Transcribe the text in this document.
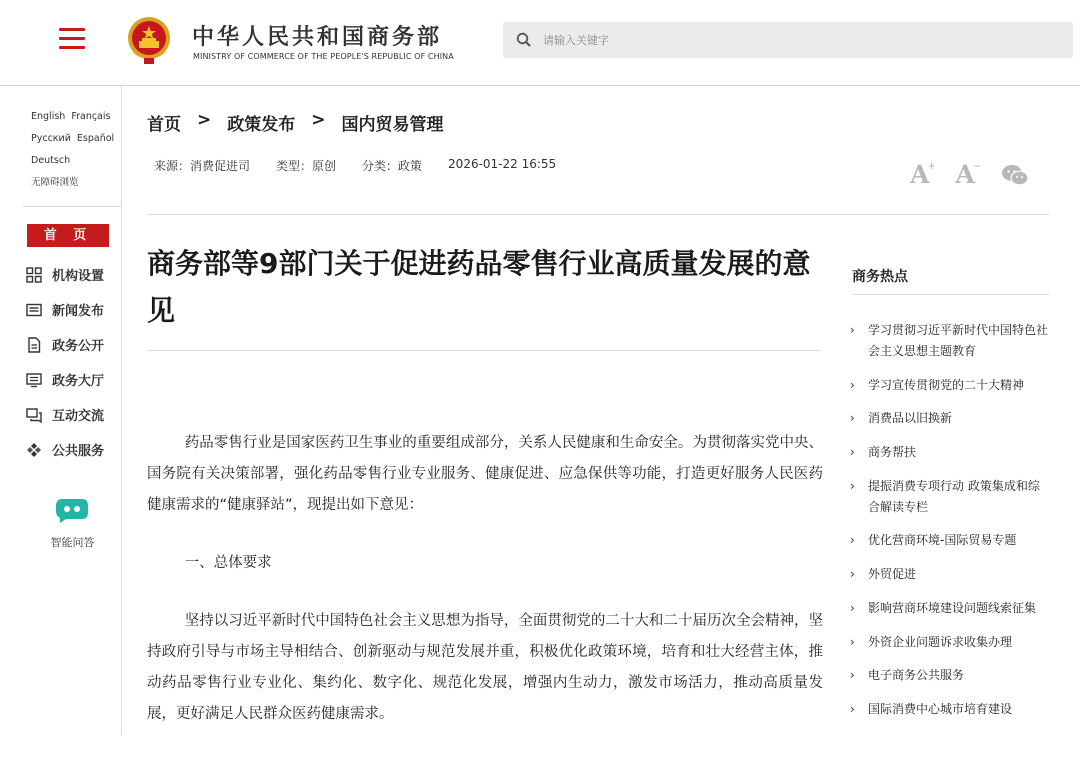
中华人民共和国商务部
MINISTRY OF COMMERCE OF THE PEOPLE'S REPUBLIC OF CHINA
请输入关键字
English Français
Русский Español
Deutsch
无障碍浏览
首 页
机构设置
新闻发布
政务公开
政务大厅
互动交流
公共服务
智能问答
首页 > 政策发布 > 国内贸易管理
来源：消费促进司 类型：原创 分类：政策 2026-01-22 16:55	A
+ A
−
商务部等9部门关于促进药品零售行业高质量发展的意见

药品零售行业是国家医药卫生事业的重要组成部分，关系人民健康和生命安全。为贯彻落实党中央、国务院有关决策部署，强化药品零售行业专业服务、健康促进、应急保供等功能，打造更好服务人民医药健康需求的“健康驿站”，现提出如下意见：

一、总体要求

坚持以习近平新时代中国特色社会主义思想为指导，全面贯彻党的二十大和二十届历次全会精神，坚持政府引导与市场主导相结合、创新驱动与规范发展并重，积极优化政策环境，培育和壮大经营主体，推动药品零售行业专业化、集约化、数字化、规范化发展，增强内生动力，激发市场活力，推动高质量发展，更好满足人民群众医药健康需求。

商务热点
›	学习贯彻习近平新时代中国特色社会主义思想主题教育
›	学习宣传贯彻党的二十大精神
›	消费品以旧换新
›	商务帮扶
›	提振消费专项行动 政策集成和综合解读专栏
›	优化营商环境-国际贸易专题
›	外贸促进
›	影响营商环境建设问题线索征集
›	外资企业问题诉求收集办理
›	电子商务公共服务
›	国际消费中心城市培育建设
